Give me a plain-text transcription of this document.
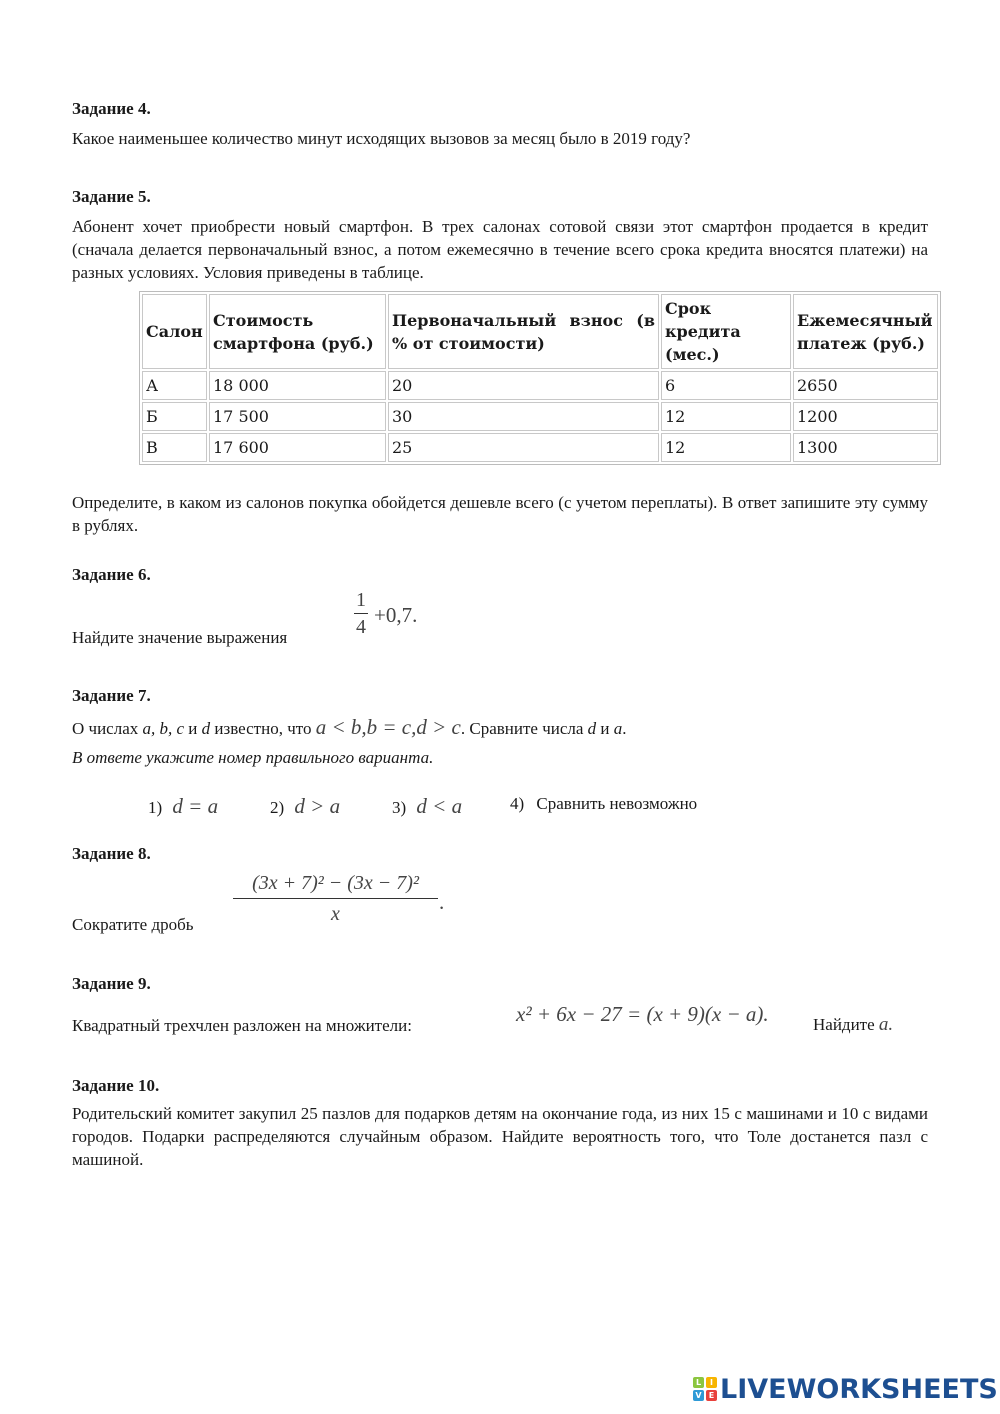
Задание 4.
Какое наименьшее количество минут исходящих вызовов за месяц было в 2019 году?
Задание 5.
Абонент хочет приобрести новый смартфон. В трех салонах сотовой связи этот смартфон продается в кредит (сначала делается первоначальный взнос, а потом ежемесячно в течение всего срока кредита вносятся платежи) на разных условиях. Условия приведены в таблице.
Салон	Стоимость смартфона (руб.)	Первоначальный взнос (в % от стоимости)	Срок кредита (мес.)	Ежемесячный платеж (руб.)
А	18 000	20	6	2650
Б	17 500	30	12	1200
В	17 600	25	12	1300
Определите, в каком из салонов покупка обойдется дешевле всего (с учетом переплаты). В ответ запишите эту сумму в рублях.
Задание 6.
Найдите значение выражения
1
4 +0,7.
Задание 7.
О числах a, b, c и d известно, что a < b,b = c,d > c. Сравните числа d и a.
В ответе укажите номер правильного варианта.
1) d = a	2) d > a	3) d < a	4) Сравнить невозможно
Задание 8.
Сократите дробь
(3x + 7)² − (3x − 7)²
x	.
Задание 9.
Квадратный трехчлен разложен на множители:	x² + 6x − 27 = (x + 9)(x − a).	Найдите a.
Задание 10.
Родительский комитет закупил 25 пазлов для подарков детям на окончание года, из них 15 с машинами и 10 с видами городов. Подарки распределяются случайным образом. Найдите вероятность того, что Толе достанется пазл с машиной.
L	I
V E LIVEWORKSHEETS
